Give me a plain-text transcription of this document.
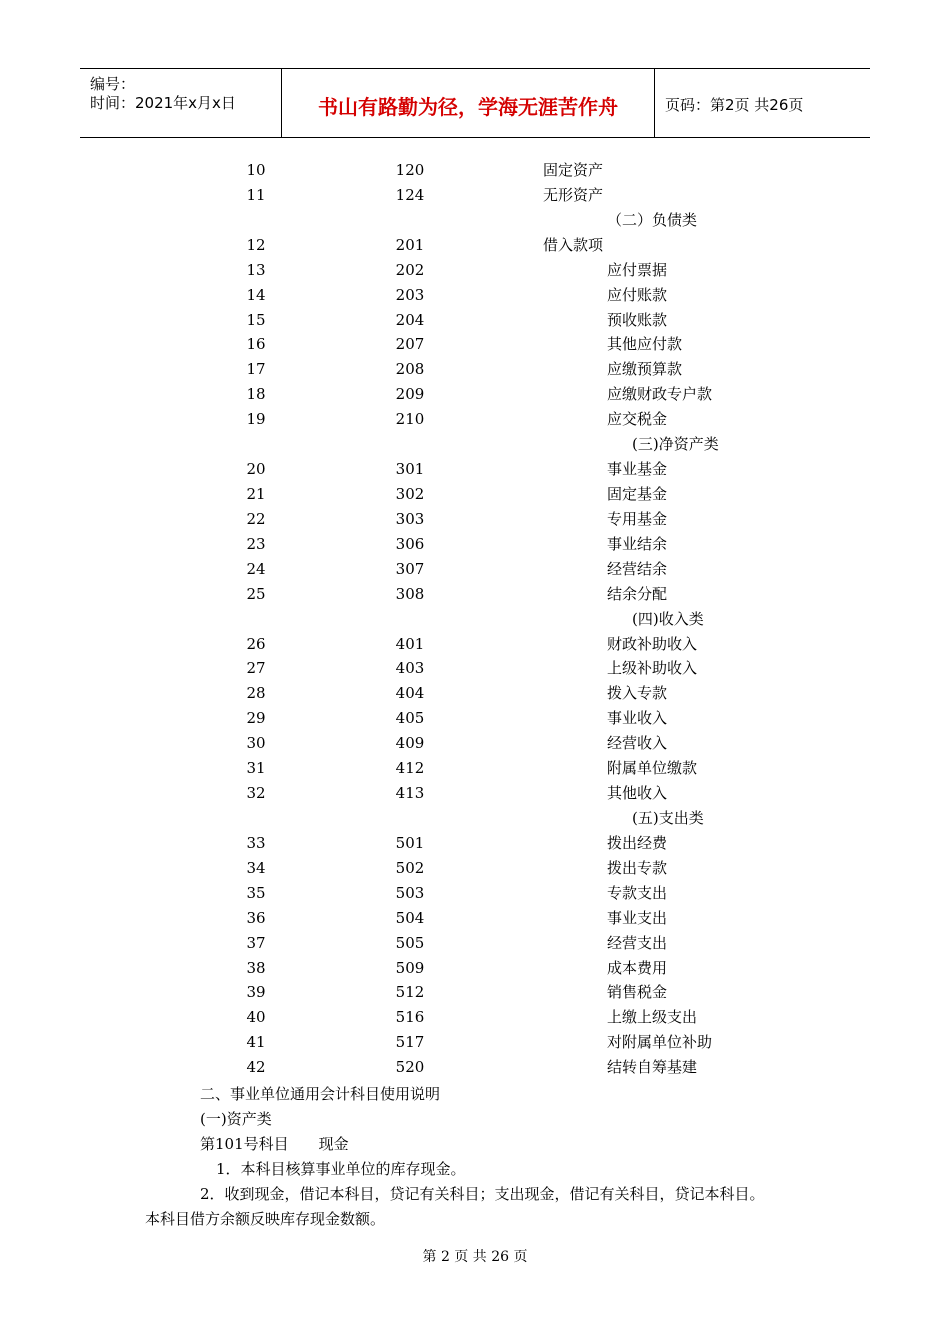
编号：
时间：2021年x月x日	书山有路勤为径，学海无涯苦作舟	页码：第2页 共26页
10	120	固定资产
11	124	无形资产
（二）负债类
12	201	借入款项
13	202	应付票据
14	203	应付账款
15	204	预收账款
16	207	其他应付款
17	208	应缴预算款
18	209	应缴财政专户款
19	210	应交税金
(三)净资产类
20	301	事业基金
21	302	固定基金
22	303	专用基金
23	306	事业结余
24	307	经营结余
25	308	结余分配
(四)收入类
26	401	财政补助收入
27	403	上级补助收入
28	404	拨入专款
29	405	事业收入
30	409	经营收入
31	412	附属单位缴款
32	413	其他收入
(五)支出类
33	501	拨出经费
34	502	拨出专款
35	503	专款支出
36	504	事业支出
37	505	经营支出
38	509	成本费用
39	512	销售税金
40	516	上缴上级支出
41	517	对附属单位补助
42	520	结转自筹基建
二、事业单位通用会计科目使用说明
(一)资产类
第101号科目　　现金
1．本科目核算事业单位的库存现金。
2．收到现金，借记本科目，贷记有关科目；支出现金，借记有关科目，贷记本科目。
本科目借方余额反映库存现金数额。
第 2 页 共 26 页
